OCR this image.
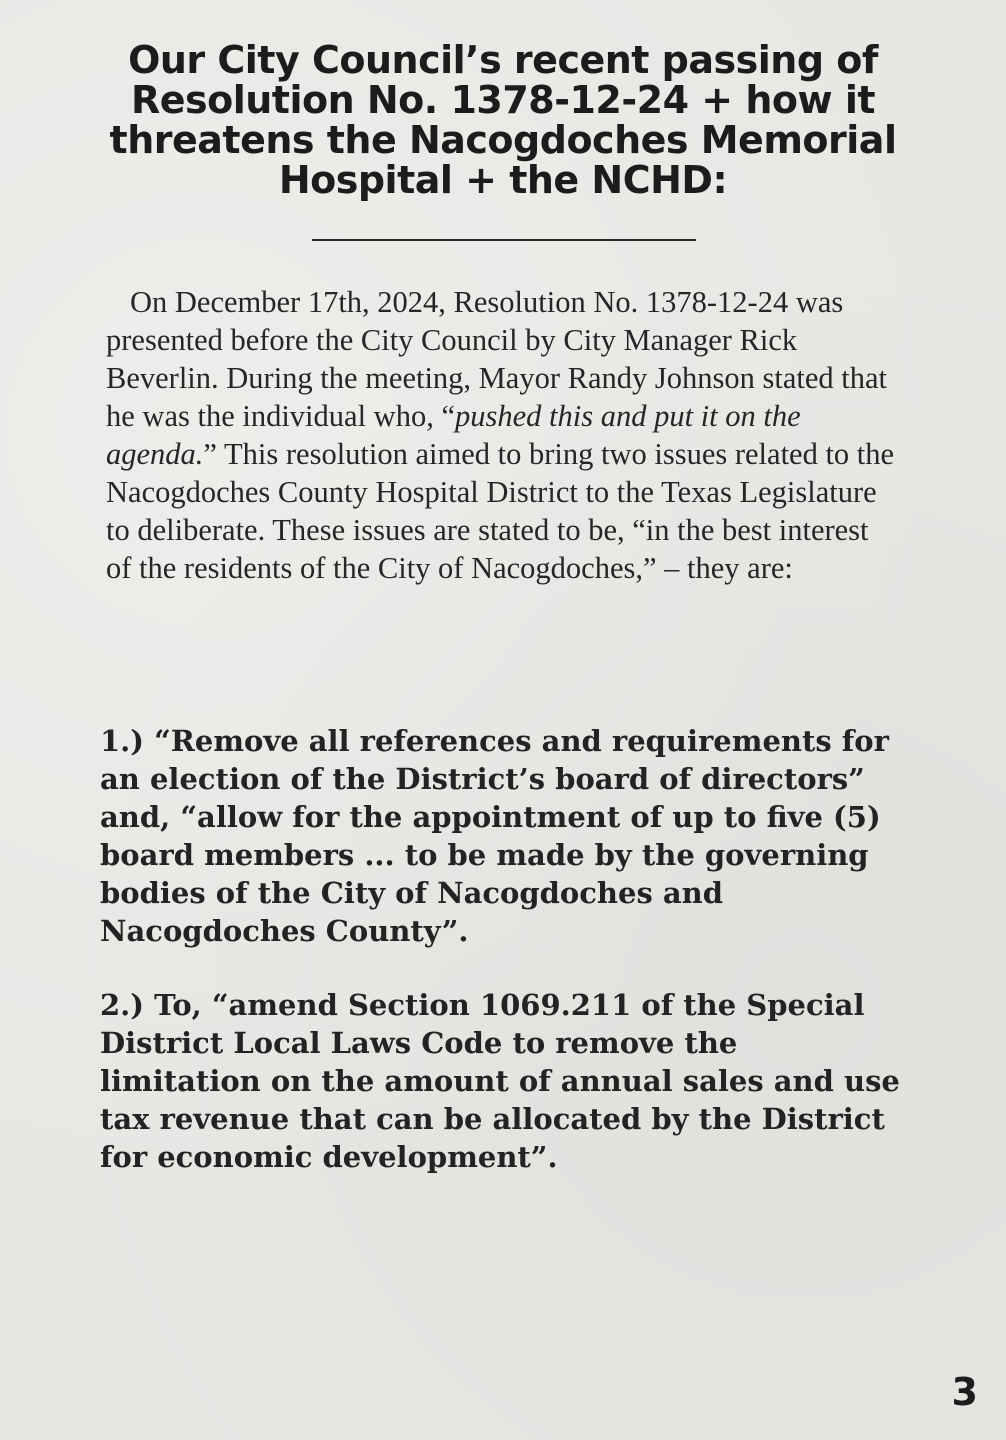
Our City Council’s recent passing of Resolution No. 1378-12-24 + how it threatens the Nacogdoches Memorial Hospital + the NCHD:

On December 17th, 2024, Resolution No. 1378-12-24 was presented before the City Council by City Manager Rick Beverlin. During the meeting, Mayor Randy Johnson stated that he was the individual who, “pushed this and put it on the agenda.” This resolution aimed to bring two issues related to the Nacogdoches County Hospital District to the Texas Legislature to deliberate. These issues are stated to be, “in the best interest of the residents of the City of Nacogdoches,” – they are:

1.) “Remove all references and requirements for an election of the District’s board of directors” and, “allow for the appointment of up to five (5) board members ... to be made by the governing bodies of the City of Nacogdoches and Nacogdoches County”.

2.) To, “amend Section 1069.211 of the Special District Local Laws Code to remove the limitation on the amount of annual sales and use tax revenue that can be allocated by the District for economic development”.

3
